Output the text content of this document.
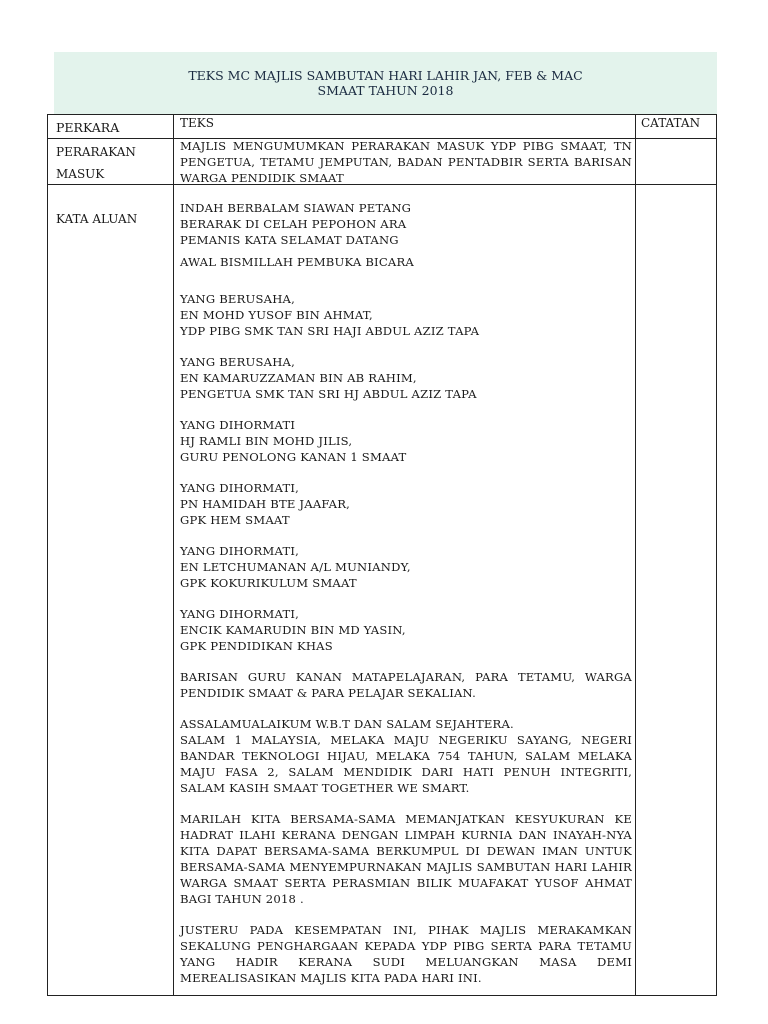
TEKS MC MAJLIS SAMBUTAN HARI LAHIR JAN, FEB & MAC
SMAAT TAHUN 2018
PERKARA	TEKS	CATATAN
PERARAKAN
MASUK
MAJLIS MENGUMUMKAN PERARAKAN MASUK YDP PIBG SMAAT, TN PENGETUA, TETAMU JEMPUTAN, BADAN PENTADBIR SERTA BARISAN WARGA PENDIDIK SMAAT
KATA ALUAN

INDAH BERBALAM SIAWAN PETANG
BERARAK DI CELAH PEPOHON ARA
PEMANIS KATA SELAMAT DATANG

AWAL BISMILLAH PEMBUKA BICARA

YANG BERUSAHA,
EN MOHD YUSOF BIN AHMAT,
YDP PIBG SMK TAN SRI HAJI ABDUL AZIZ TAPA

YANG BERUSAHA,
EN KAMARUZZAMAN BIN AB RAHIM,
PENGETUA SMK TAN SRI HJ ABDUL AZIZ TAPA

YANG DIHORMATI
HJ RAMLI BIN MOHD JILIS,
GURU PENOLONG KANAN 1 SMAAT

YANG DIHORMATI,
PN HAMIDAH BTE JAAFAR,
GPK HEM SMAAT

YANG DIHORMATI,
EN LETCHUMANAN A/L MUNIANDY,
GPK KOKURIKULUM SMAAT

YANG DIHORMATI,
ENCIK KAMARUDIN BIN MD YASIN,
GPK PENDIDIKAN KHAS

BARISAN GURU KANAN MATAPELAJARAN, PARA TETAMU, WARGA PENDIDIK SMAAT & PARA PELAJAR SEKALIAN.

ASSALAMUALAIKUM W.B.T DAN SALAM SEJAHTERA.

SALAM 1 MALAYSIA, MELAKA MAJU NEGERIKU SAYANG, NEGERI BANDAR TEKNOLOGI HIJAU, MELAKA 754 TAHUN, SALAM MELAKA MAJU FASA 2, SALAM MENDIDIK DARI HATI PENUH INTEGRITI, SALAM KASIH SMAAT TOGETHER WE SMART.

MARILAH KITA BERSAMA-SAMA MEMANJATKAN KESYUKURAN KE HADRAT ILAHI KERANA DENGAN LIMPAH KURNIA DAN INAYAH-NYA KITA DAPAT BERSAMA-SAMA BERKUMPUL DI DEWAN IMAN UNTUK BERSAMA-SAMA MENYEMPURNAKAN MAJLIS SAMBUTAN HARI LAHIR WARGA SMAAT SERTA PERASMIAN BILIK MUAFAKAT YUSOF AHMAT BAGI TAHUN 2018 .

JUSTERU PADA KESEMPATAN INI, PIHAK MAJLIS MERAKAMKAN SEKALUNG PENGHARGAAN KEPADA YDP PIBG SERTA PARA TETAMU YANG HADIR KERANA SUDI MELUANGKAN MASA DEMI MEREALISASIKAN MAJLIS KITA PADA HARI INI.
